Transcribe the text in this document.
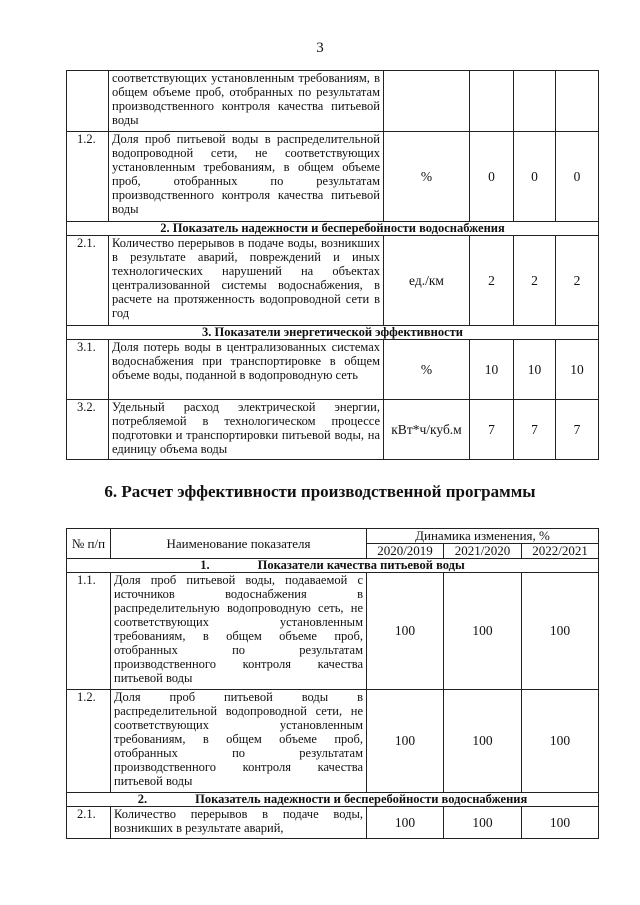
3
	соответствующих установленным требованиям, в общем объеме проб, отобранных по результатам производственного контроля качества питьевой воды				
1.2.	Доля проб питьевой воды в распределительной водопроводной сети, не соответствующих установленным требованиям, в общем объеме проб, отобранных по результатам производственного контроля качества питьевой воды	%	0	0	0
2. Показатель надежности и бесперебойности водоснабжения					
2.1.	Количество перерывов в подаче воды, возникших в результате аварий, повреждений и иных технологических нарушений на объектах централизованной системы водоснабжения, в расчете на протяженность водопроводной сети в год	ед./км	2	2	2
3. Показатели энергетической эффективности					
3.1.	Доля потерь воды в централизованных системах водоснабжения при транспортировке в общем объеме воды, поданной в водопроводную сеть	%	10	10	10
3.2.	Удельный расход электрической энергии, потребляемой в технологическом процессе подготовки и транспортировки питьевой воды, на единицу объема воды	кВт*ч/куб.м	7	7	7
6. Расчет эффективности производственной программы
№ п/п	Наименование показателя	Динамика изменения, %		
		2020/2019	2021/2020	2022/2021
1. Показатели качества питьевой воды				
1.1.	Доля проб питьевой воды, подаваемой с источников водоснабжения в распределительную водопроводную сеть, не соответствующих установленным требованиям, в общем объеме проб, отобранных по результатам производственного контроля качества питьевой воды	100	100	100
1.2.	Доля проб питьевой воды в распределительной водопроводной сети, не соответствующих установленным требованиям, в общем объеме проб, отобранных по результатам производственного контроля качества питьевой воды	100	100	100
2. Показатель надежности и бесперебойности водоснабжения				
2.1.	Количество перерывов в подаче воды, возникших в результате аварий,	100	100	100
